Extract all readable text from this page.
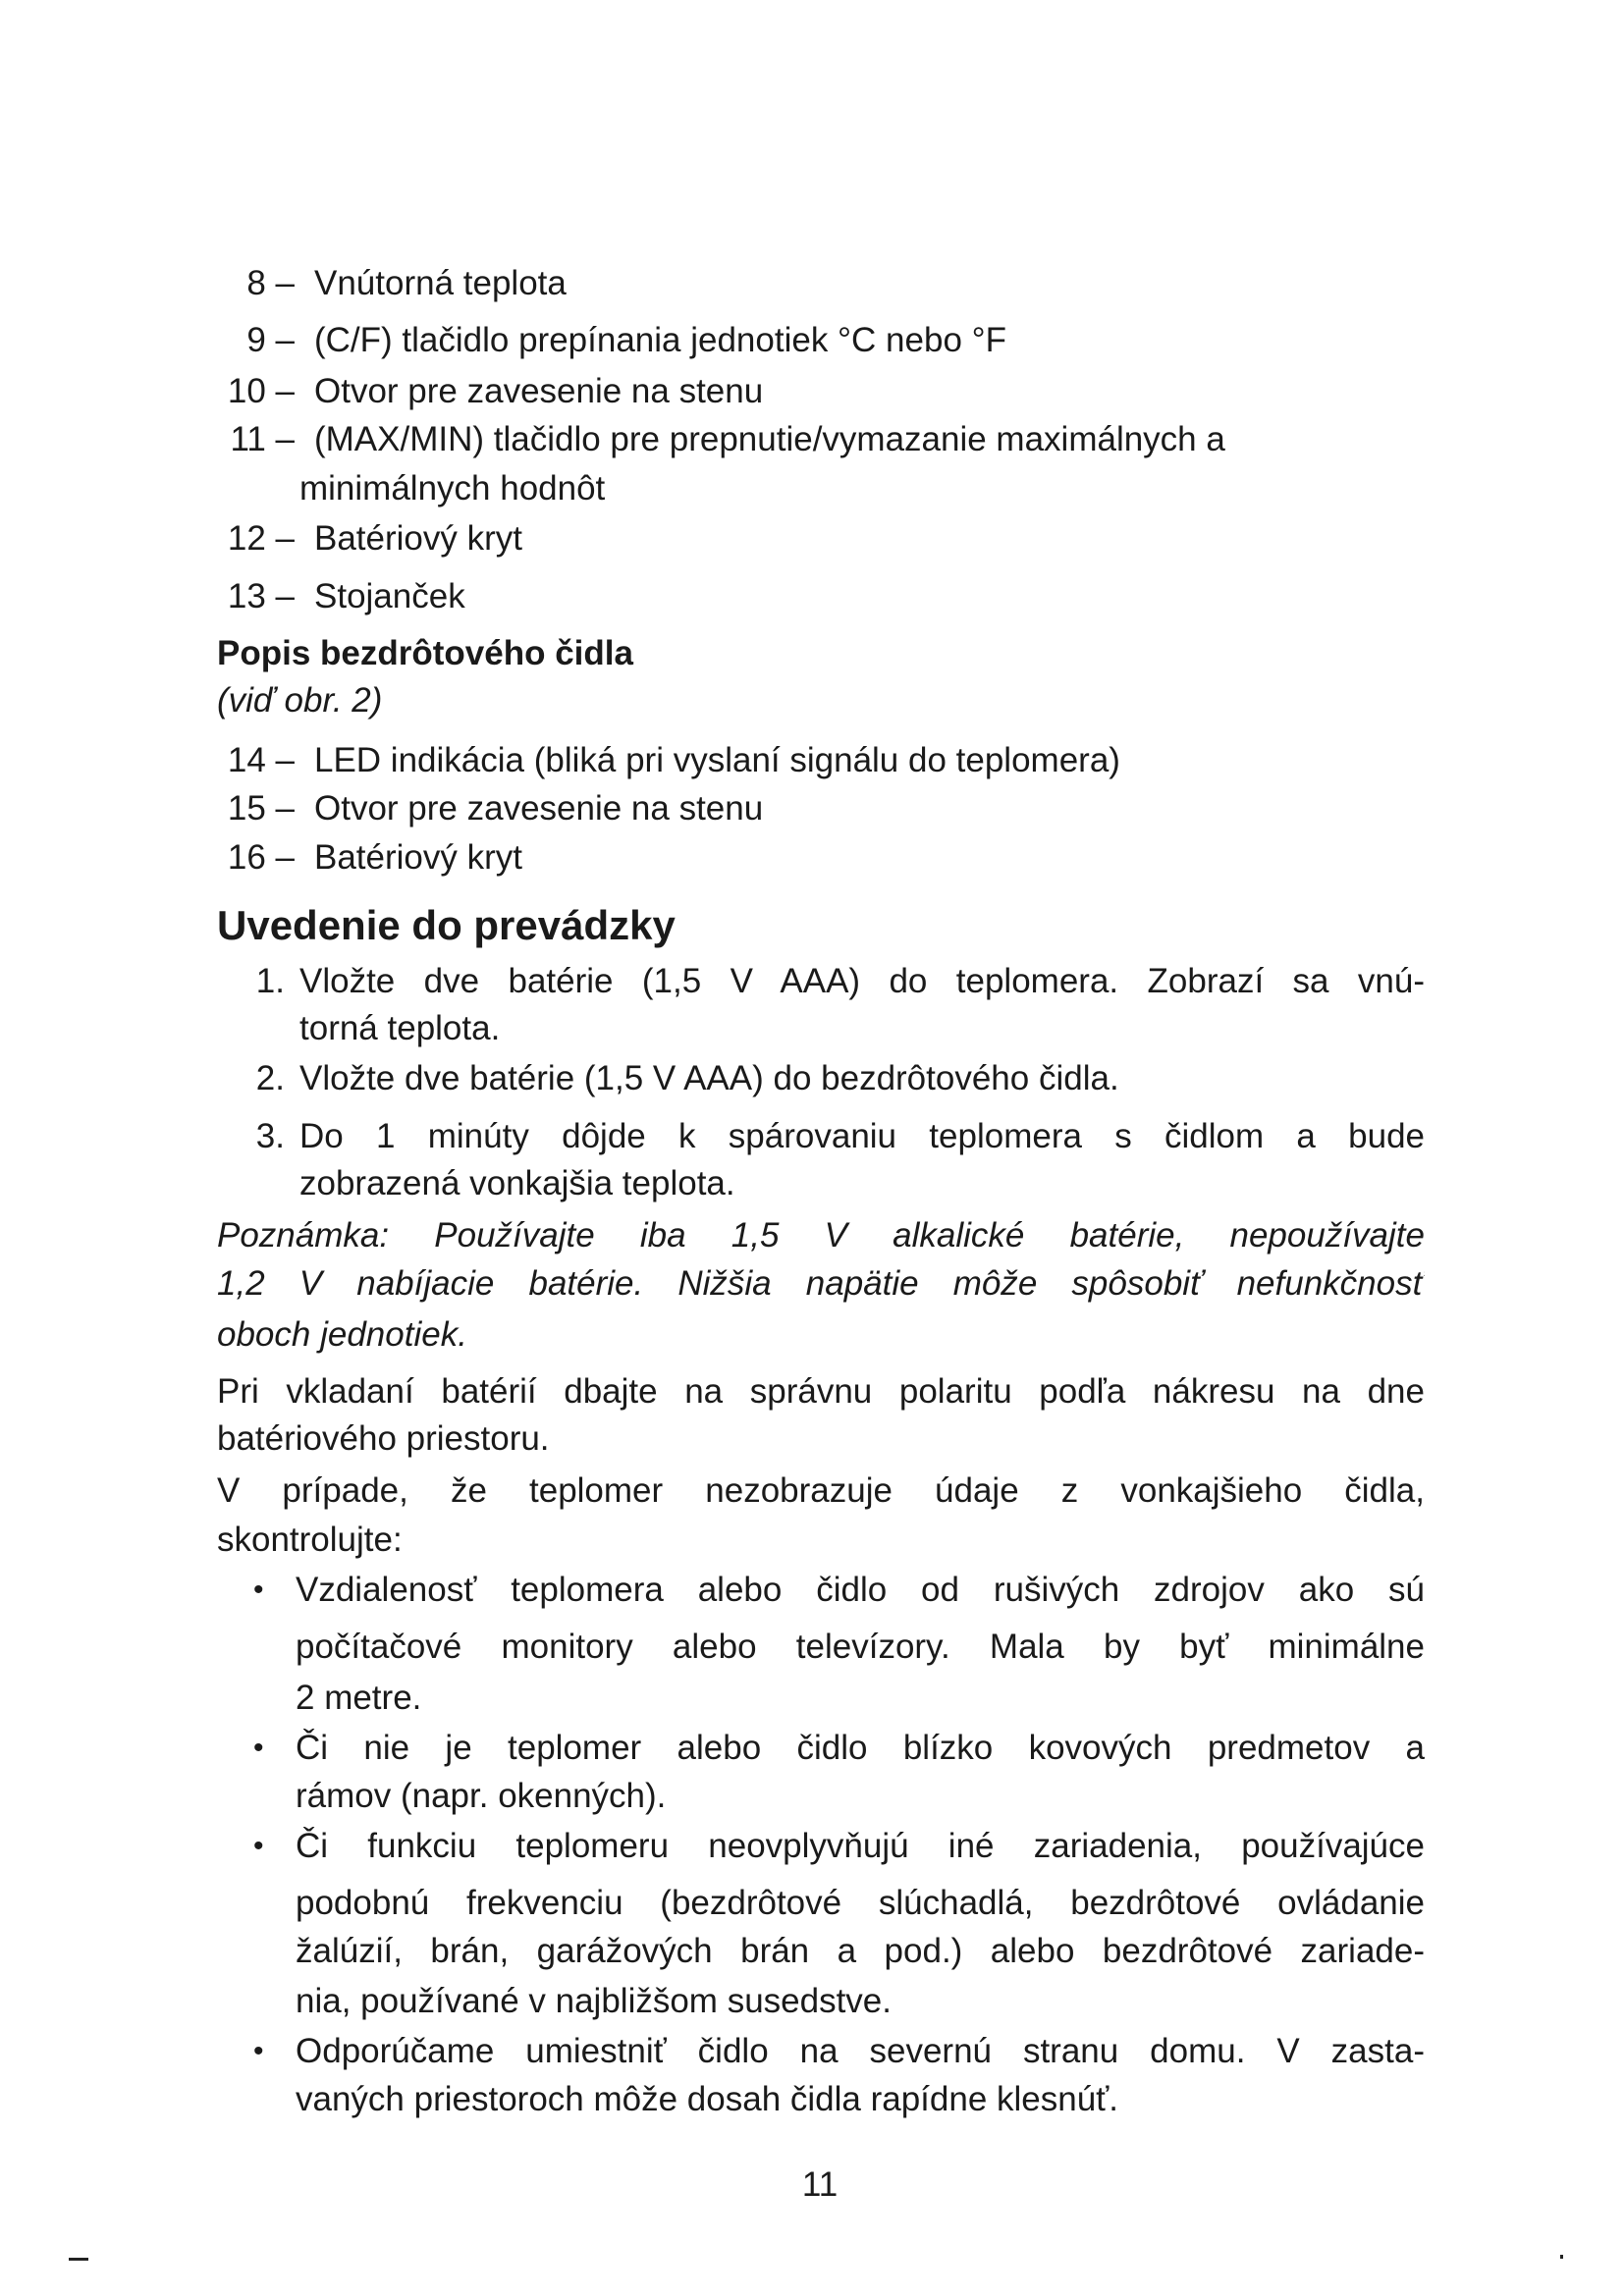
8 – Vnútorná teplota
9 – (C/F) tlačidlo prepínania jednotiek °C nebo °F
10 – Otvor pre zavesenie na stenu
11 – (MAX/MIN) tlačidlo pre prepnutie/vymazanie maximálnych a
minimálnych hodnôt
12 – Batériový kryt
13 – Stojanček
Popis bezdrôtového čidla
(viď obr. 2)
14 – LED indikácia (bliká pri vyslaní signálu do teplomera)
15 – Otvor pre zavesenie na stenu
16 – Batériový kryt
Uvedenie do prevádzky
1. Vložte dve batérie (1,5 V AAA) do teplomera. Zobrazí sa vnú-
torná teplota.
2. Vložte dve batérie (1,5 V AAA) do bezdrôtového čidla.
3. Do 1 minúty dôjde k spárovaniu teplomera s čidlom a bude
zobrazená vonkajšia teplota.
Poznámka: Používajte iba 1,5 V alkalické batérie, nepoužívajte
1,2 V nabíjacie batérie. Nižšia napätie môže spôsobiť nefunkčnosť
oboch jednotiek.
Pri vkladaní batérií dbajte na správnu polaritu podľa nákresu na dne
batériového priestoru.
V prípade, že teplomer nezobrazuje údaje z vonkajšieho čidla,
skontrolujte:
• Vzdialenosť teplomera alebo čidlo od rušivých zdrojov ako sú
počítačové monitory alebo televízory. Mala by byť minimálne
2 metre.
• Či nie je teplomer alebo čidlo blízko kovových predmetov a
rámov (napr. okenných).
• Či funkciu teplomeru neovplyvňujú iné zariadenia, používajúce
podobnú frekvenciu (bezdrôtové slúchadlá, bezdrôtové ovládanie
žalúzií, brán, garážových brán a pod.) alebo bezdrôtové zariade-
nia, používané v najbližšom susedstve.
• Odporúčame umiestniť čidlo na severnú stranu domu. V zasta-
vaných priestoroch môže dosah čidla rapídne klesnúť.
11
